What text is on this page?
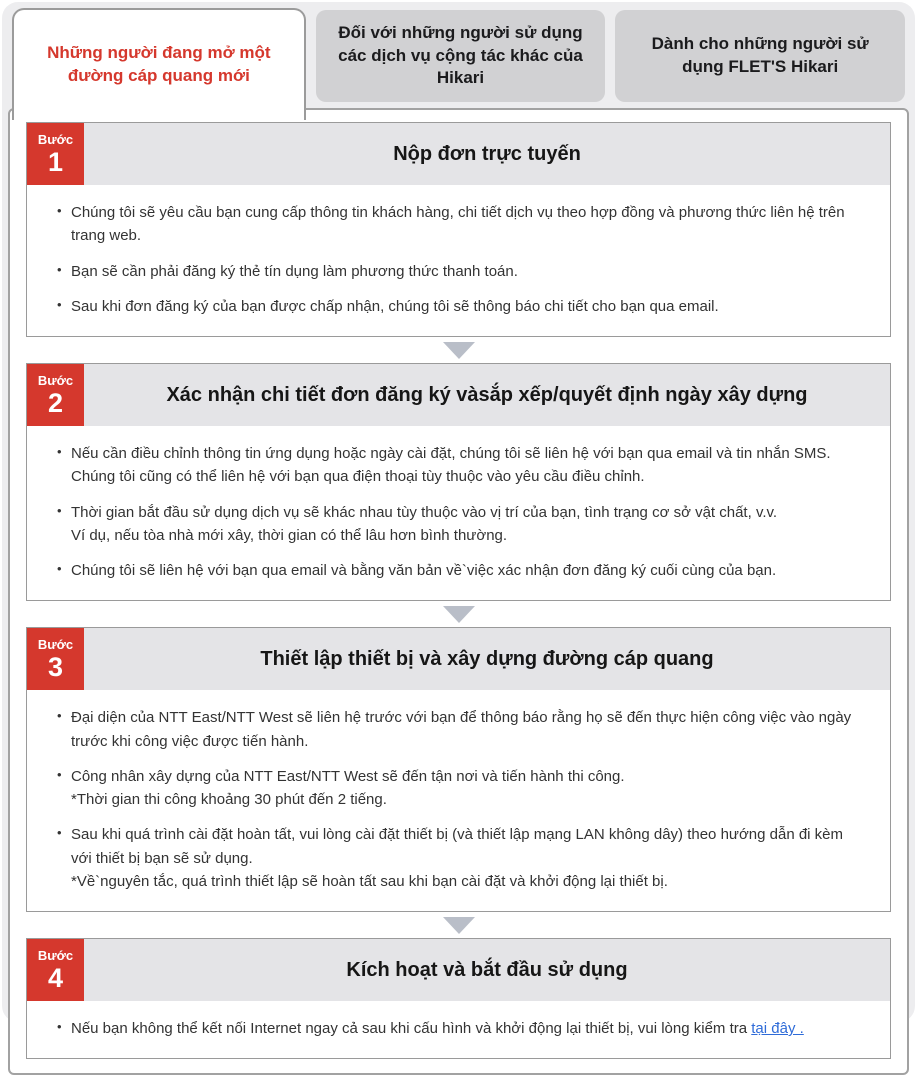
Những người đang mở một đường cáp quang mới
Đối với những người sử dụng các dịch vụ cộng tác khác của Hikari
Dành cho những người sử dụng FLET'S Hikari
Bước
1	Nộp đơn trực tuyến
• Chúng tôi sẽ yêu cầu bạn cung cấp thông tin khách hàng, chi tiết dịch vụ theo hợp đồng và phương thức liên hệ trên trang web.
• Bạn sẽ cần phải đăng ký thẻ tín dụng làm phương thức thanh toán.
• Sau khi đơn đăng ký của bạn được chấp nhận, chúng tôi sẽ thông báo chi tiết cho bạn qua email.
Bước
2	Xác nhận chi tiết đơn đăng ký vàsắp xếp/quyết định ngày xây dựng
• Nếu cần điều chỉnh thông tin ứng dụng hoặc ngày cài đặt, chúng tôi sẽ liên hệ với bạn qua email và tin nhắn SMS. Chúng tôi cũng có thể liên hệ với bạn qua điện thoại tùy thuộc vào yêu cầu điều chỉnh.
• Thời gian bắt đầu sử dụng dịch vụ sẽ khác nhau tùy thuộc vào vị trí của bạn, tình trạng cơ sở vật chất, v.v.
Ví dụ, nếu tòa nhà mới xây, thời gian có thể lâu hơn bình thường.
• Chúng tôi sẽ liên hệ với bạn qua email và bằng văn bản về`việc xác nhận đơn đăng ký cuối cùng của bạn.
Bước
3	Thiết lập thiết bị và xây dựng đường cáp quang
• Đại diện của NTT East/NTT West sẽ liên hệ trước với bạn để thông báo rằng họ sẽ đến thực hiện công việc vào ngày trước khi công việc được tiến hành.
• Công nhân xây dựng của NTT East/NTT West sẽ đến tận nơi và tiến hành thi công.
*Thời gian thi công khoảng 30 phút đến 2 tiếng.
• Sau khi quá trình cài đặt hoàn tất, vui lòng cài đặt thiết bị (và thiết lập mạng LAN không dây) theo hướng dẫn đi kèm với thiết bị bạn sẽ sử dụng.
*Về`nguyên tắc, quá trình thiết lập sẽ hoàn tất sau khi bạn cài đặt và khởi động lại thiết bị.
Bước
4	Kích hoạt và bắt đầu sử dụng
• Nếu bạn không thể kết nối Internet ngay cả sau khi cấu hình và khởi động lại thiết bị, vui lòng kiểm tra tại đây .
